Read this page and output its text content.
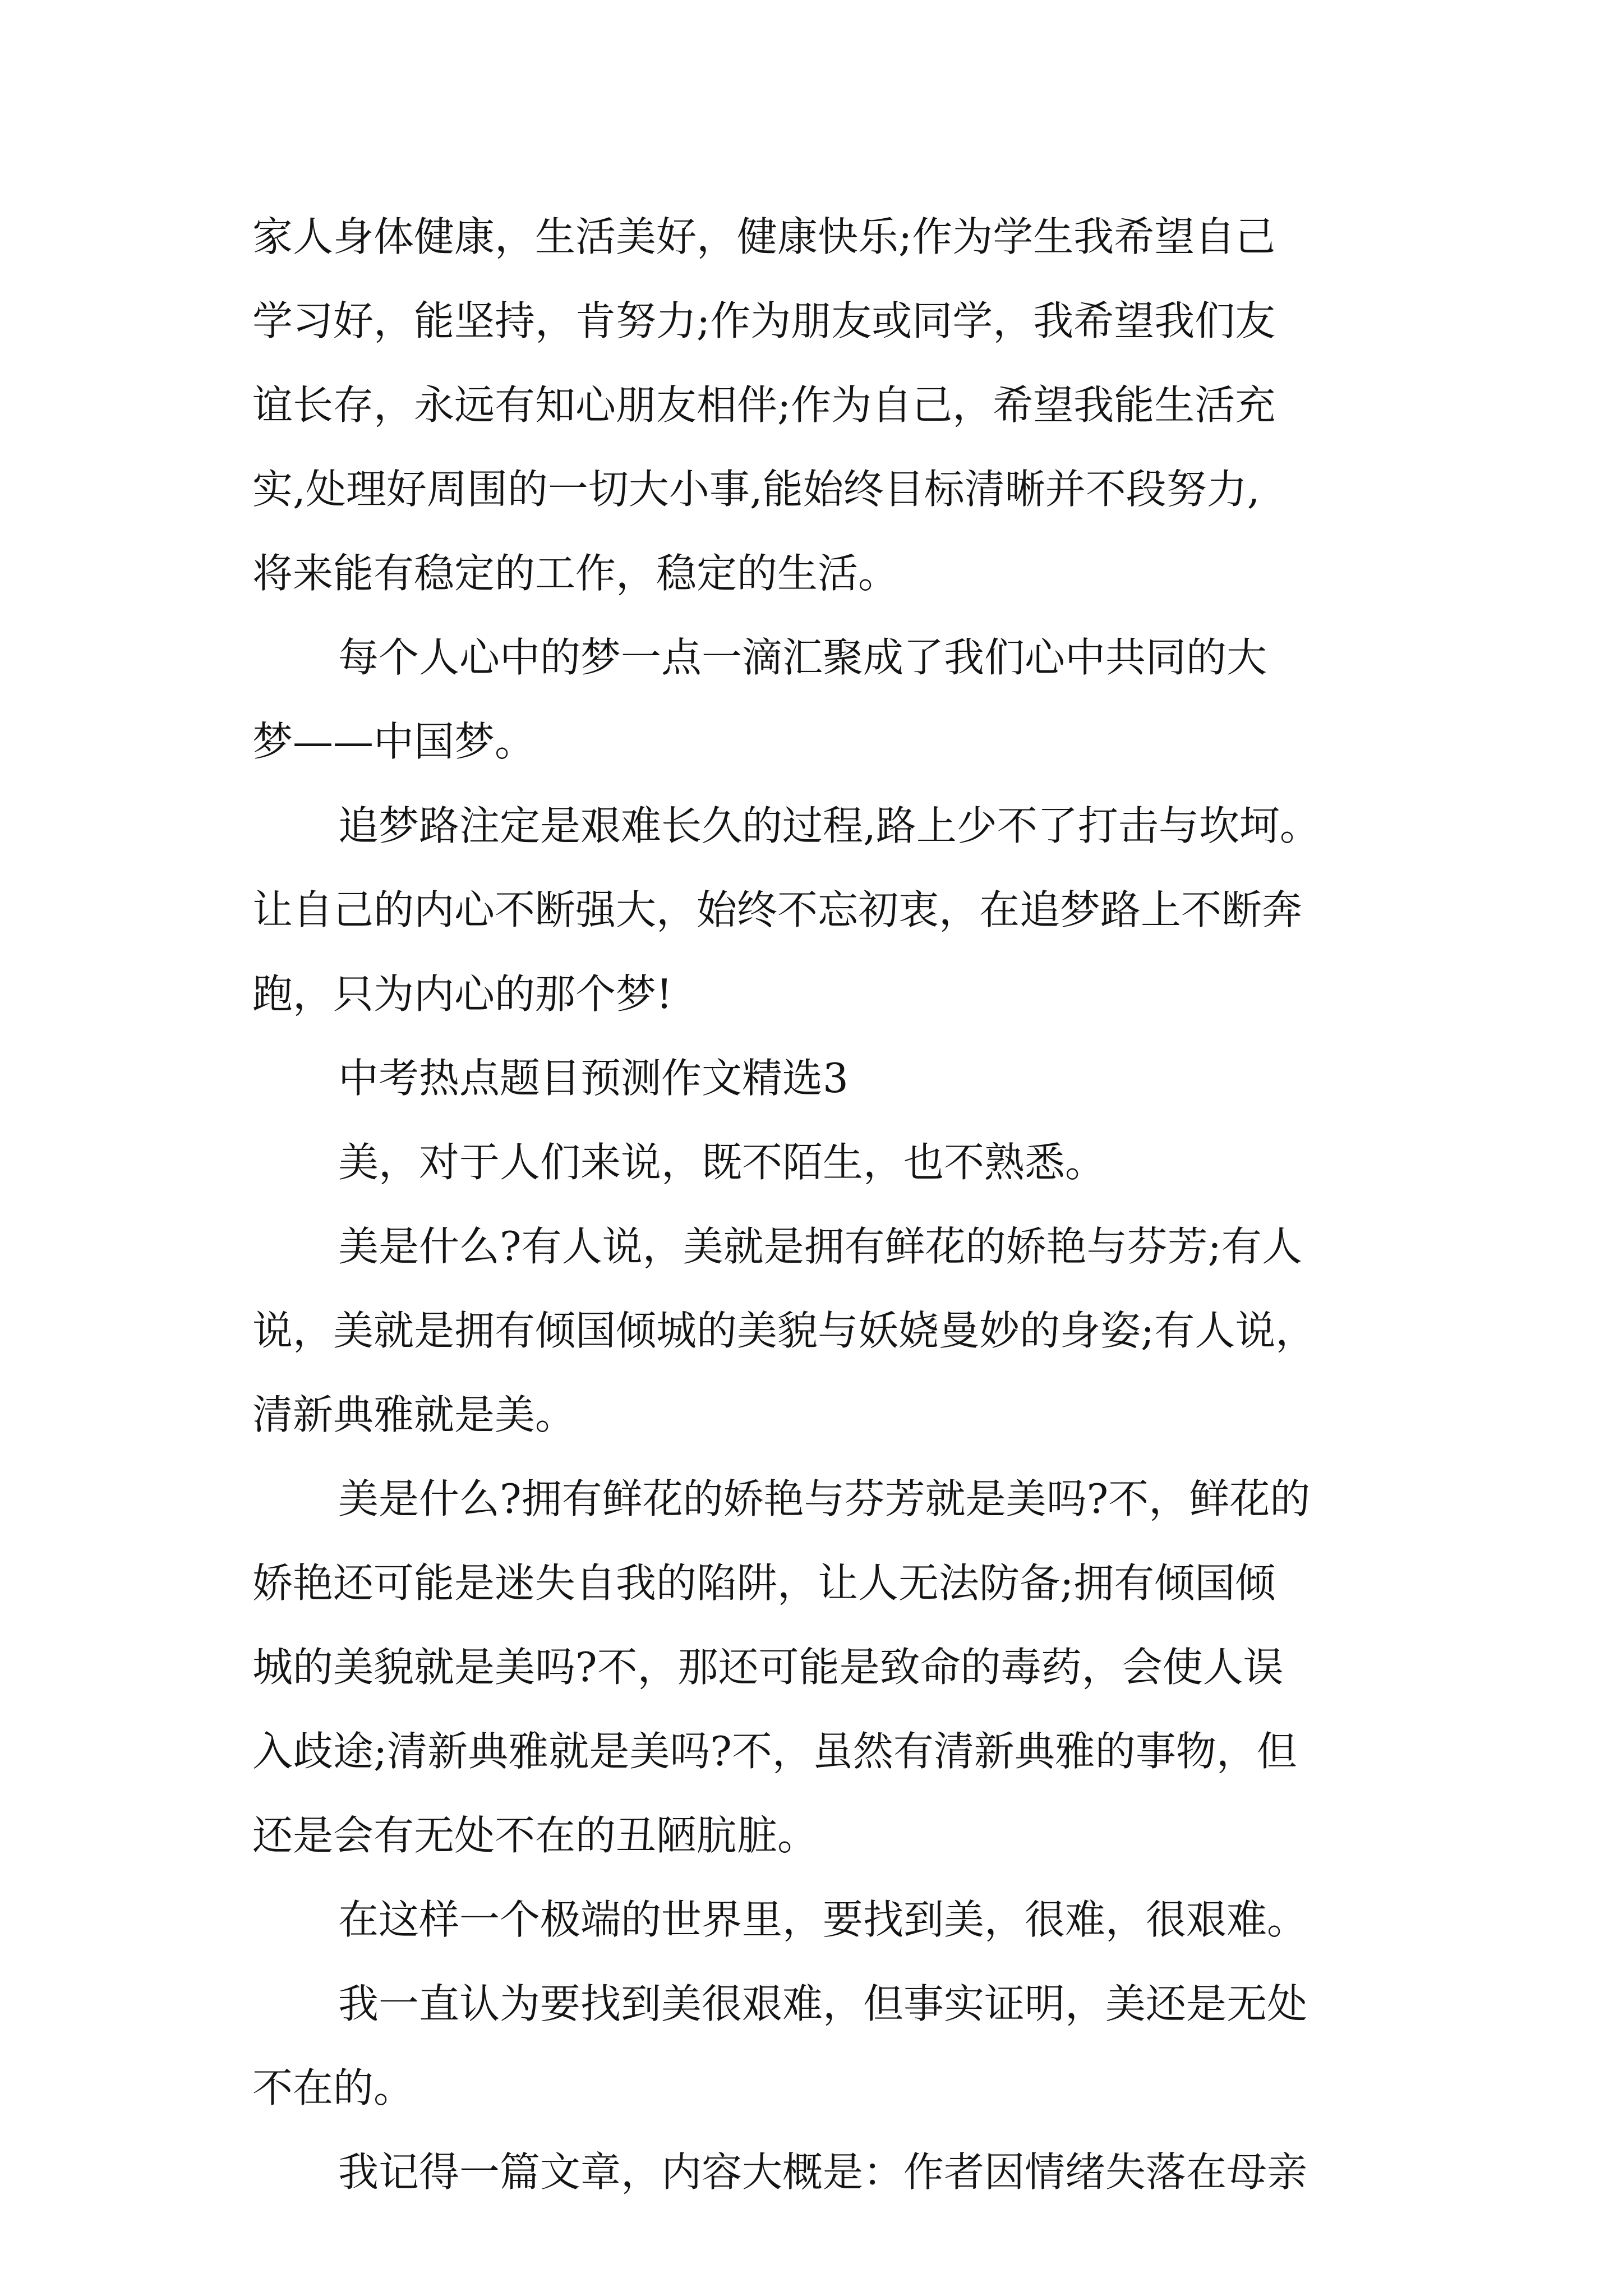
家人身体健康，生活美好，健康快乐;作为学生我希望自己

学习好，能坚持，肯努力;作为朋友或同学，我希望我们友

谊长存，永远有知心朋友相伴;作为自己，希望我能生活充

实,处理好周围的一切大小事,能始终目标清晰并不段努力,

将来能有稳定的工作，稳定的生活。

每个人心中的梦一点一滴汇聚成了我们心中共同的大

梦——中国梦。

追梦路注定是艰难长久的过程,路上少不了打击与坎坷。

让自己的内心不断强大，始终不忘初衷，在追梦路上不断奔

跑，只为内心的那个梦!

中考热点题目预测作文精选3

美，对于人们来说，既不陌生，也不熟悉。

美是什么?有人说，美就是拥有鲜花的娇艳与芬芳;有人

说，美就是拥有倾国倾城的美貌与妖娆曼妙的身姿;有人说，

清新典雅就是美。

美是什么?拥有鲜花的娇艳与芬芳就是美吗?不，鲜花的

娇艳还可能是迷失自我的陷阱，让人无法防备;拥有倾国倾

城的美貌就是美吗?不，那还可能是致命的毒药，会使人误

入歧途;清新典雅就是美吗?不，虽然有清新典雅的事物，但

还是会有无处不在的丑陋肮脏。

在这样一个极端的世界里，要找到美，很难，很艰难。

我一直认为要找到美很艰难，但事实证明，美还是无处

不在的。

我记得一篇文章，内容大概是：作者因情绪失落在母亲
